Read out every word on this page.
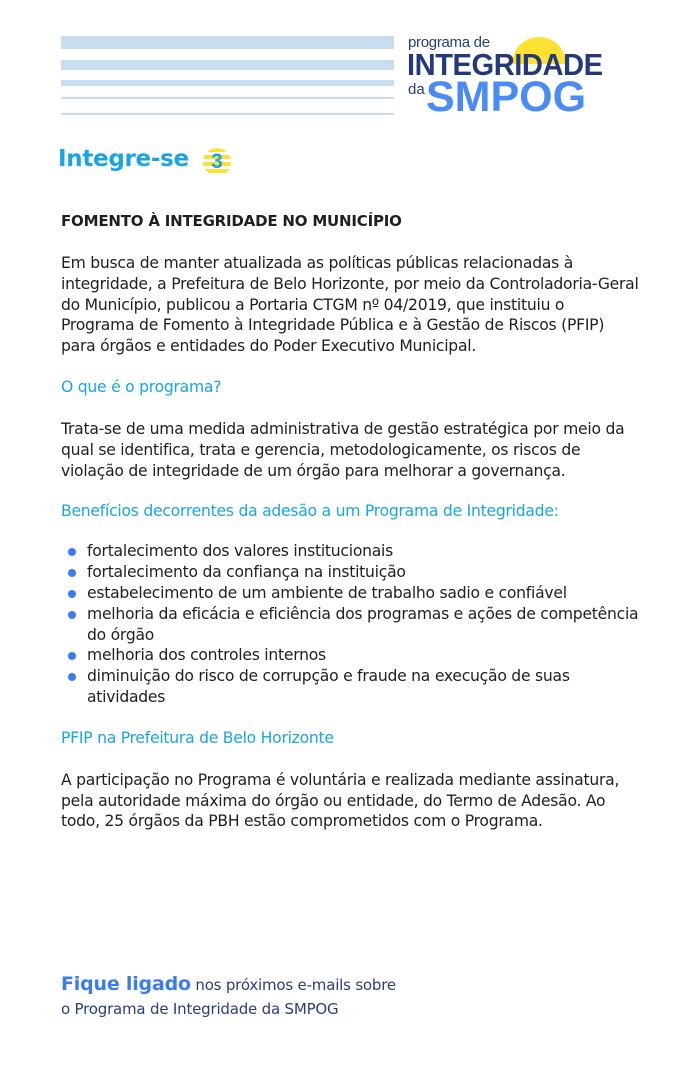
programa de
INTEGRIDADE
da SMPOG
Integre-se	3
FOMENTO À INTEGRIDADE NO MUNICÍPIO

Em busca de manter atualizada as políticas públicas relacionadas à integridade, a Prefeitura de Belo Horizonte, por meio da Controladoria-Geral do Município, publicou a Portaria CTGM nº 04/2019, que instituiu o Programa de Fomento à Integridade Pública e à Gestão de Riscos (PFIP) para órgãos e entidades do Poder Executivo Municipal.

O que é o programa?

Trata-se de uma medida administrativa de gestão estratégica por meio da qual se identifica, trata e gerencia, metodologicamente, os riscos de violação de integridade de um órgão para melhorar a governança.

Benefícios decorrentes da adesão a um Programa de Integridade:
fortalecimento dos valores institucionais
fortalecimento da confiança na instituição
estabelecimento de um ambiente de trabalho sadio e confiável
melhoria da eficácia e eficiência dos programas e ações de competência do órgão
melhoria dos controles internos
diminuição do risco de corrupção e fraude na execução de suas atividades
PFIP na Prefeitura de Belo Horizonte

A participação no Programa é voluntária e realizada mediante assinatura, pela autoridade máxima do órgão ou entidade, do Termo de Adesão. Ao todo, 25 órgãos da PBH estão comprometidos com o Programa.

Fique ligado nos próximos e-mails sobre
o Programa de Integridade da SMPOG
